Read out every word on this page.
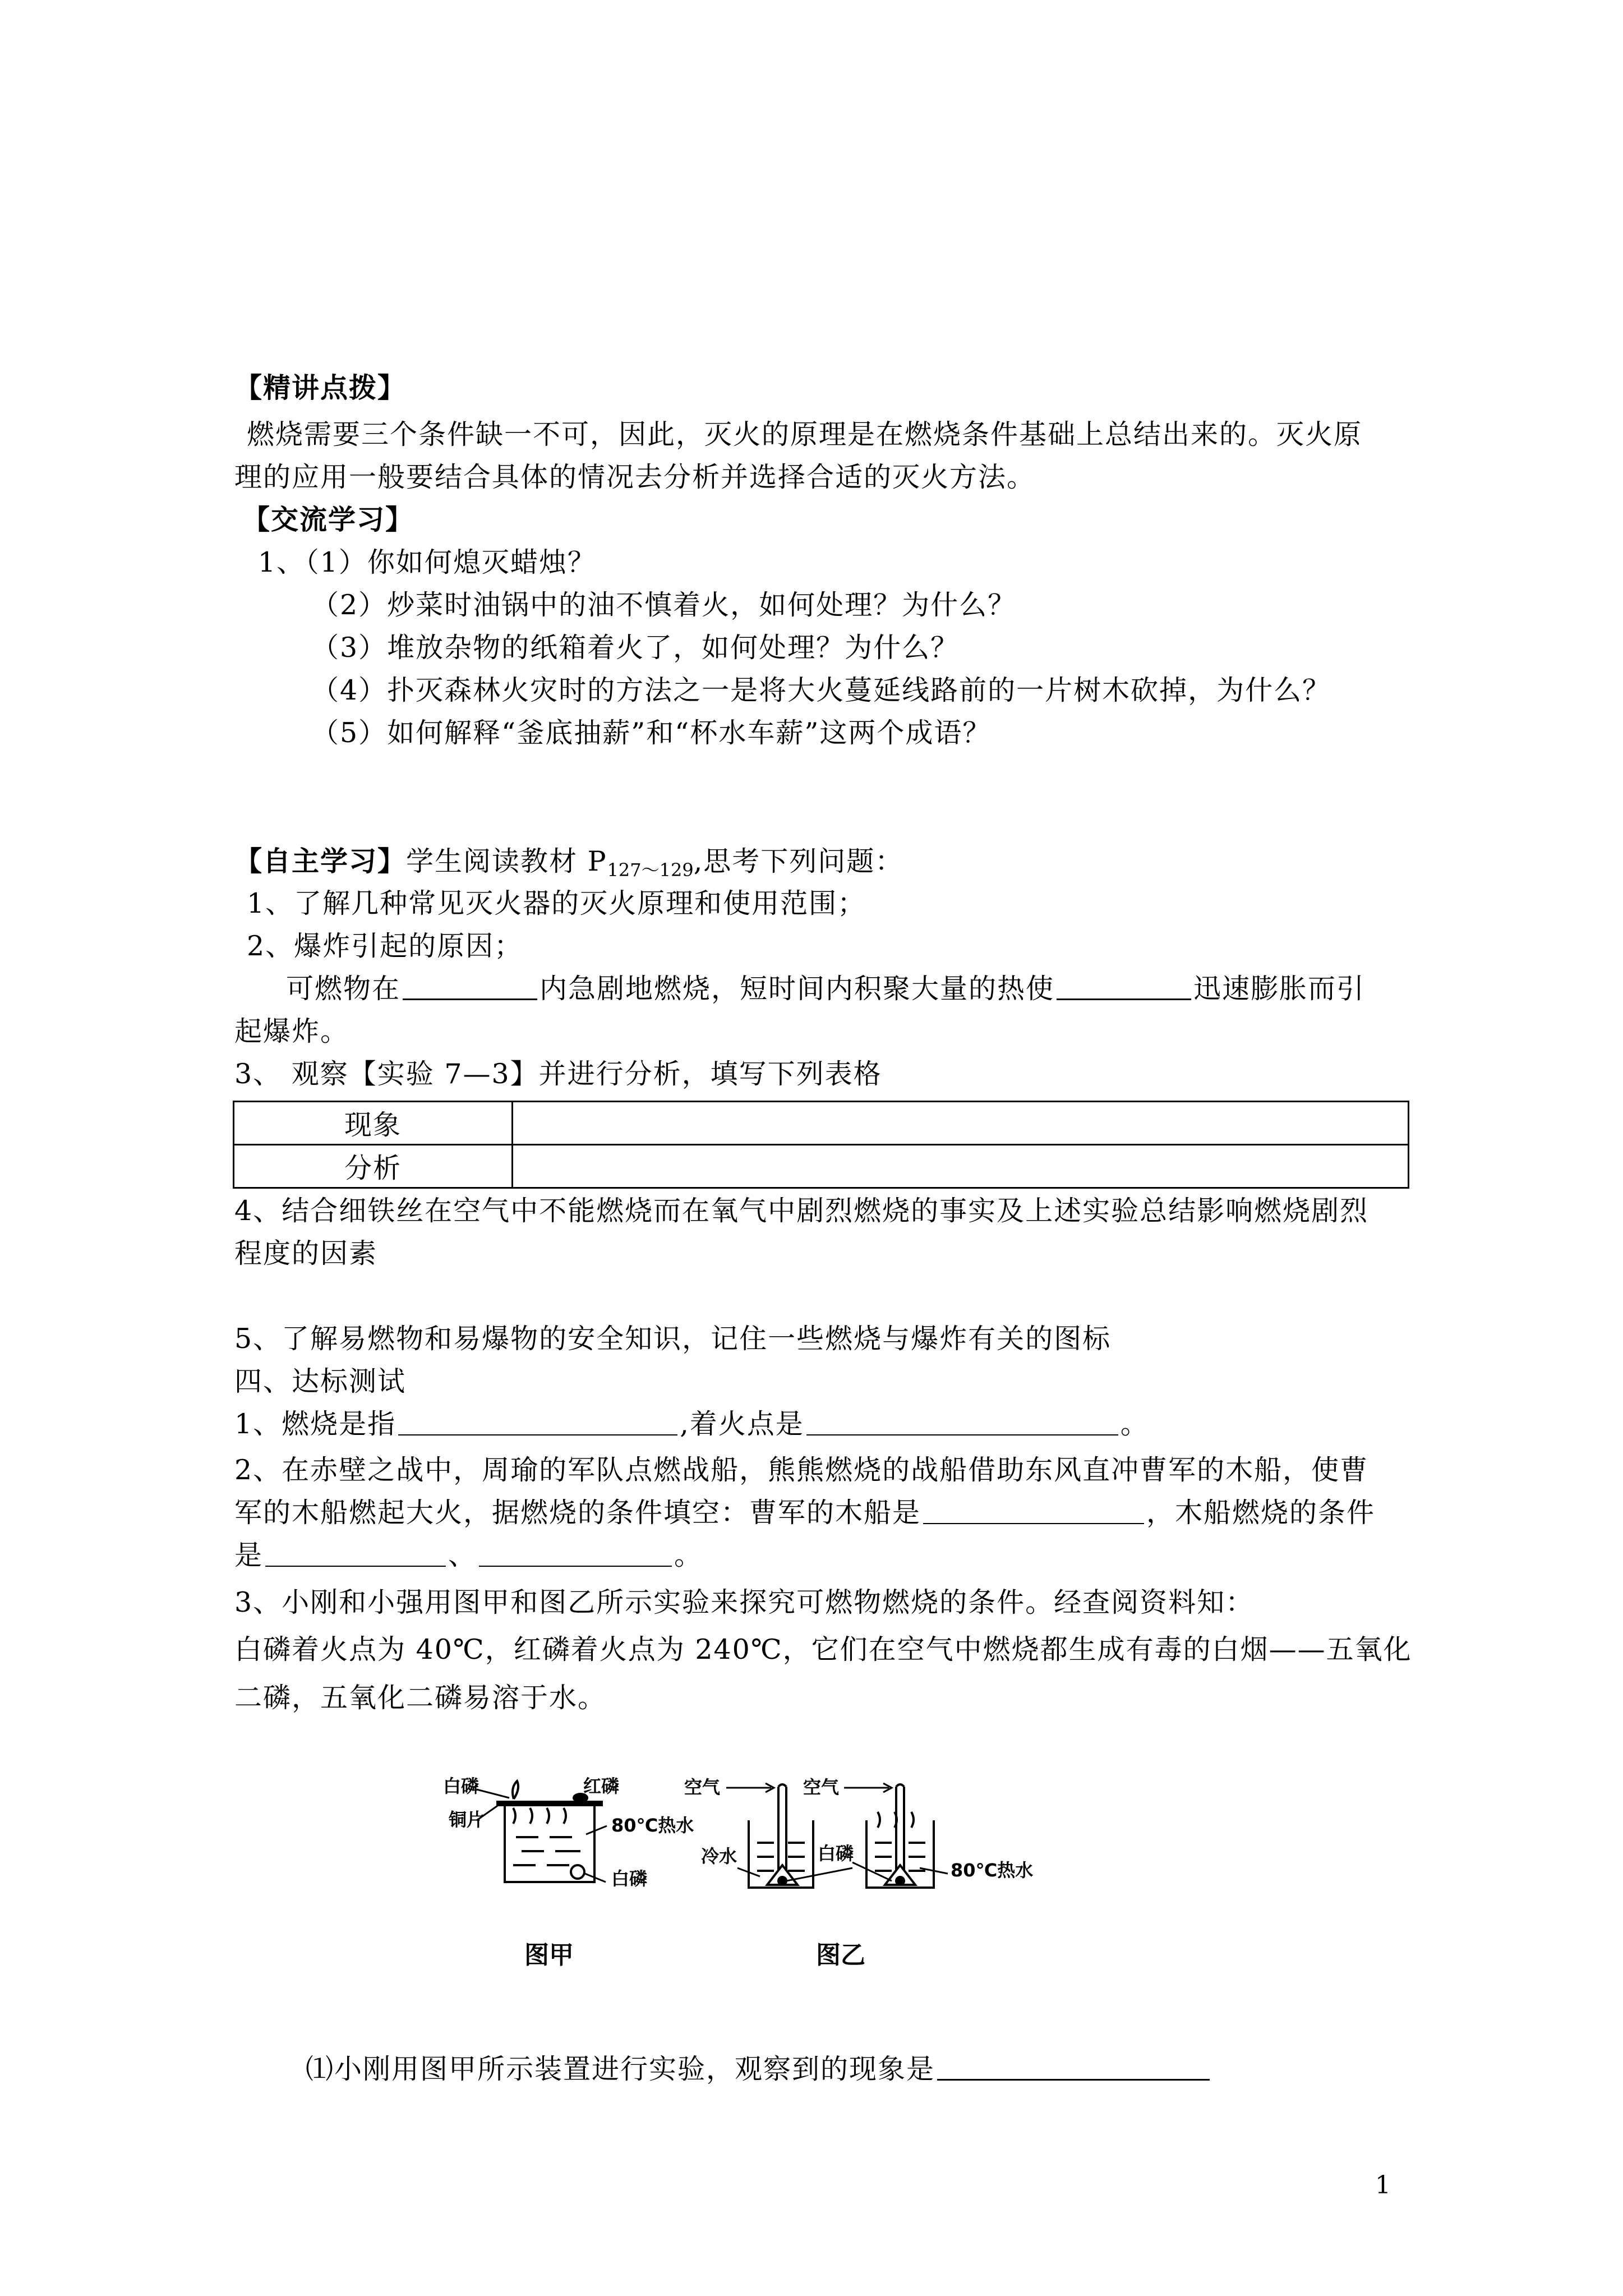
【精讲点拨】
燃烧需要三个条件缺一不可，因此，灭火的原理是在燃烧条件基础上总结出来的。灭火原
理的应用一般要结合具体的情况去分析并选择合适的灭火方法。
【交流学习】
1、（1）你如何熄灭蜡烛？
（2）炒菜时油锅中的油不慎着火，如何处理？为什么？
（3）堆放杂物的纸箱着火了，如何处理？为什么？
（4）扑灭森林火灾时的方法之一是将大火蔓延线路前的一片树木砍掉，为什么？
（5）如何解释“釜底抽薪”和“杯水车薪”这两个成语？
【自主学习】学生阅读教材 $P_{127\sim 129}$,思考下列问题：
1、了解几种常见灭火器的灭火原理和使用范围；
2、爆炸引起的原因；
可燃物在	内急剧地燃烧，短时间内积聚大量的热使	迅速膨胀而引
起爆炸。
3、 观察【实验 7—3】并进行分析，填写下列表格
现象	
分析	
4、结合细铁丝在空气中不能燃烧而在氧气中剧烈燃烧的事实及上述实验总结影响燃烧剧烈
程度的因素
5、了解易燃物和易爆物的安全知识，记住一些燃烧与爆炸有关的图标
四、达标测试
1、燃烧是指	,着火点是	。
2、在赤壁之战中，周瑜的军队点燃战船，熊熊燃烧的战船借助东风直冲曹军的木船，使曹
军的木船燃起大火，据燃烧的条件填空：曹军的木船是	，木船燃烧的条件
是	、	。
3、小刚和小强用图甲和图乙所示实验来探究可燃物燃烧的条件。经查阅资料知：
白磷着火点为 40℃，红磷着火点为 240℃，它们在空气中燃烧都生成有毒的白烟——五氧化
二磷，五氧化二磷易溶于水。
白磷	红磷
铜片	80℃热水
白磷
图甲
空气	空气
冷水	白磷
80℃热水
图乙
⑴小刚用图甲所示装置进行实验，观察到的现象是
1
